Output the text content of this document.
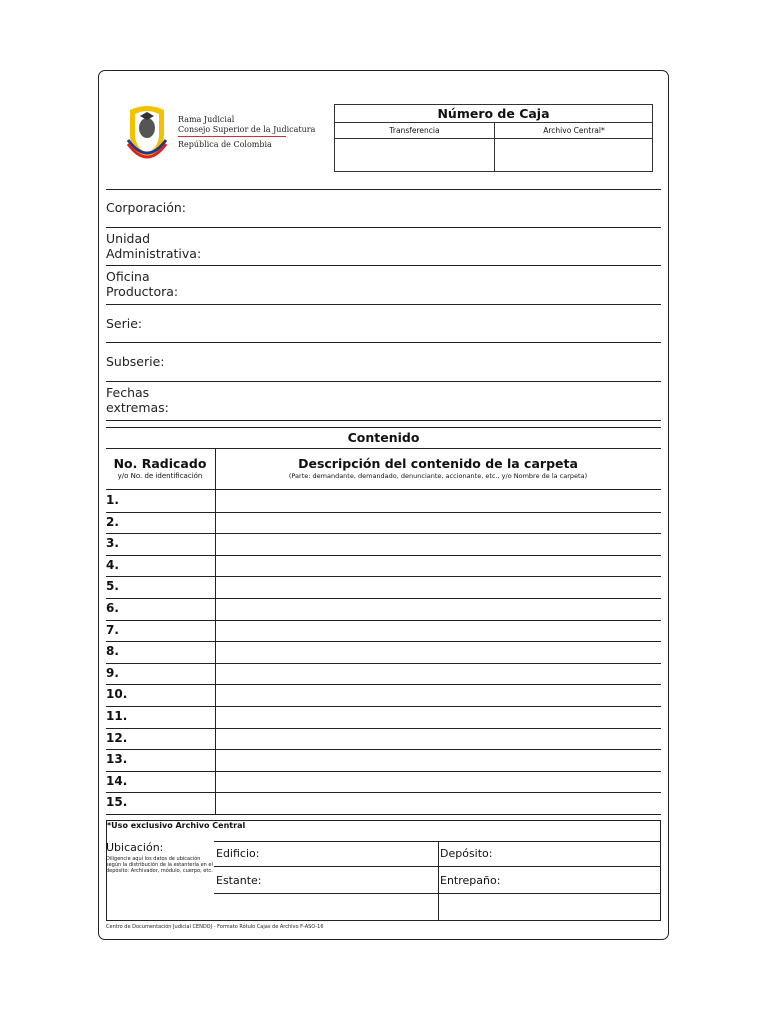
Rama Judicial
Consejo Superior de la Judicatura
República de Colombia
Número de Caja
Transferencia	Archivo Central*
Corporación:
Unidad
Administrativa:
Oficina
Productora:
Serie:
Subserie:
Fechas
extremas:
Contenido
No. Radicado
y/o No. de identificación
Descripción del contenido de la carpeta
(Parte: demandante, demandado, denunciante, accionante, etc., y/o Nombre de la carpeta)
1.
2.
3.
4.
5.
6.
7.
8.
9.
10.
11.
12.
13.
14.
15.
*Uso exclusivo Archivo Central
Ubicación:
Diligencie aquí los datos de ubicación según la distribución de la estantería en el depósito: Archivador, módulo, cuerpo, etc.
Edificio:	Depósito:
Estante:	Entrepaño:
Centro de Documentación Judicial CENDOJ - Formato Rótulo Cajas de Archivo F-ASO-16
